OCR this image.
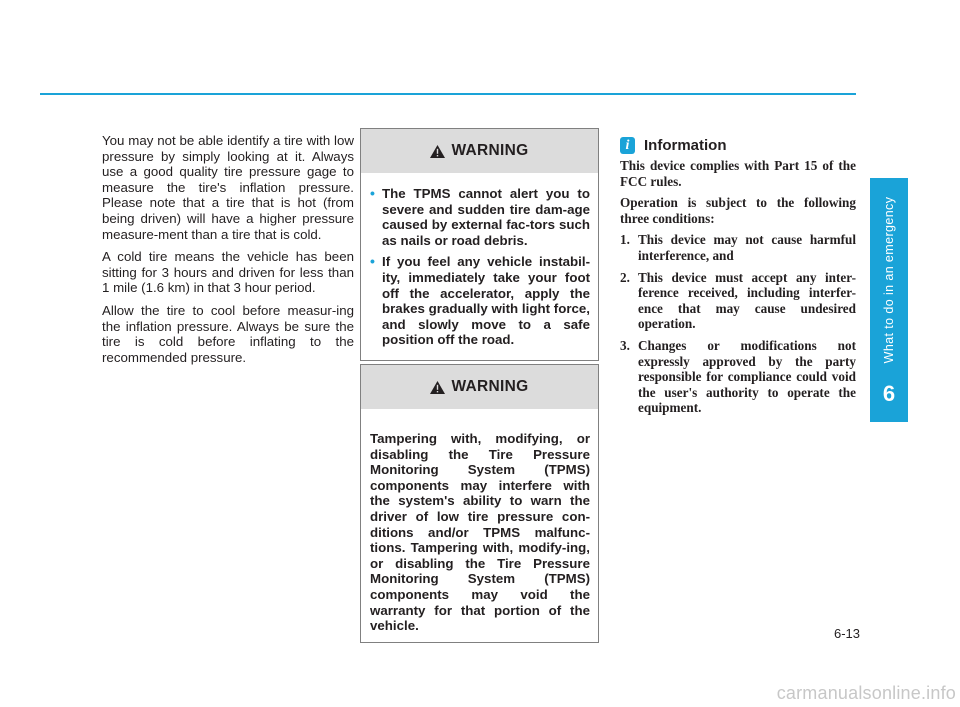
You may not be able identify a tire with low pressure by simply looking at it. Always use a good quality tire pressure gage to measure the tire's inflation pressure. Please note that a tire that is hot (from being driven) will have a higher pressure measure-ment than a tire that is cold.

A cold tire means the vehicle has been sitting for 3 hours and driven for less than 1 mile (1.6 km) in that 3 hour period.

Allow the tire to cool before measur-ing the inflation pressure. Always be sure the tire is cold before inflating to the recommended pressure.

WARNING
• The TPMS cannot alert you to severe and sudden tire dam-age caused by external fac-tors such as nails or road debris.
• If you feel any vehicle instabil-ity, immediately take your foot off the accelerator, apply the brakes gradually with light force, and slowly move to a safe position off the road.
WARNING
Tampering with, modifying, or disabling the Tire Pressure Monitoring System (TPMS) components may interfere with the system's ability to warn the driver of low tire pressure con-ditions and/or TPMS malfunc-tions. Tampering with, modify-ing, or disabling the Tire Pressure Monitoring System (TPMS) components may void the warranty for that portion of the vehicle.
i Information

This device complies with Part 15 of the FCC rules.

Operation is subject to the following three conditions:

1. This device may not cause harmful interference, and
2. This device must accept any inter-ference received, including interfer-ence that may cause undesired operation.
3. Changes or modifications not expressly approved by the party responsible for compliance could void the user's authority to operate the equipment.
What to do in an emergency
6
6-13
carmanualsonline.info
